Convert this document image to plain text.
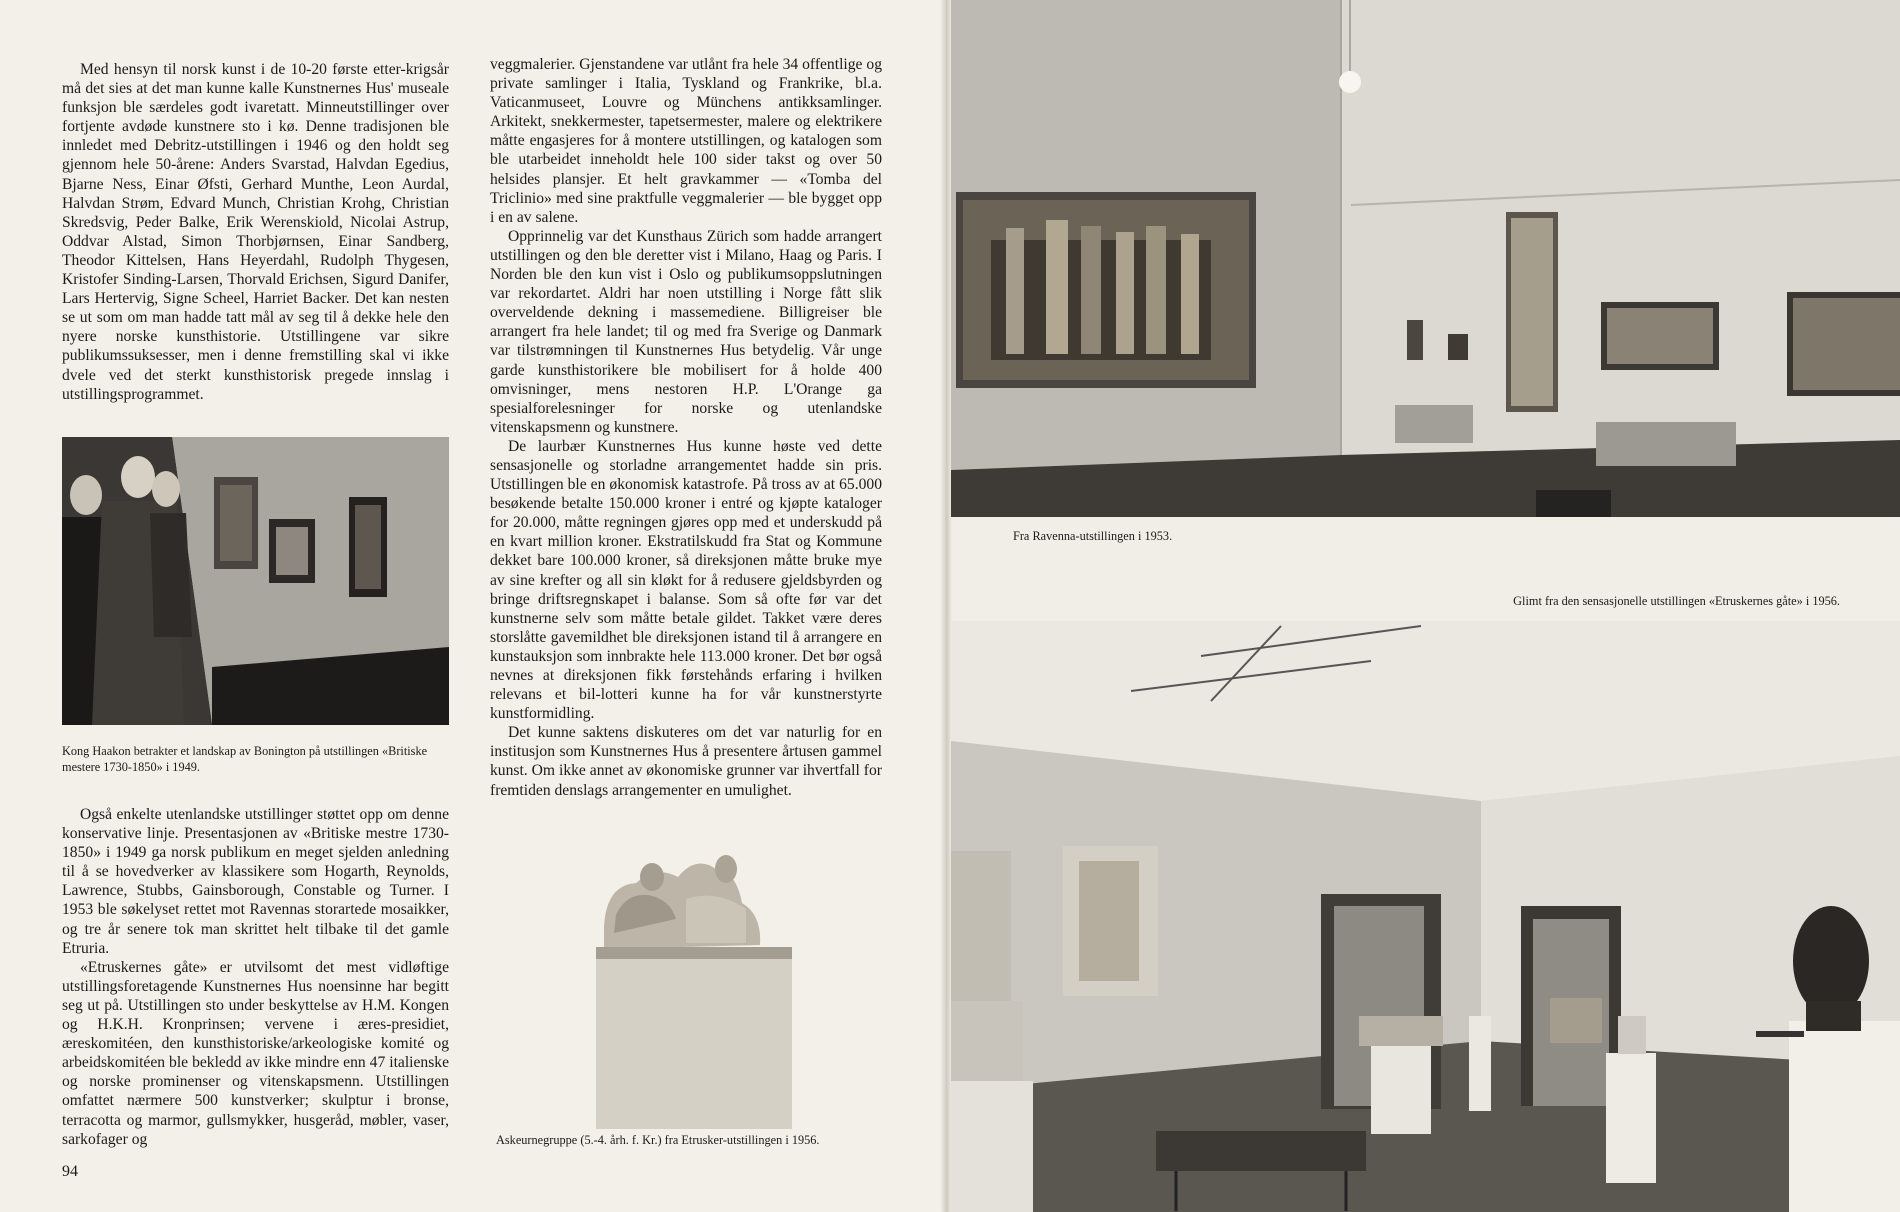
Med hensyn til norsk kunst i de 10-20 første etter-krigsår må det sies at det man kunne kalle Kunstnernes Hus' museale funksjon ble særdeles godt ivaretatt. Minneutstillinger over fortjente avdøde kunstnere sto i kø. Denne tradisjonen ble innledet med Debritz-utstillingen i 1946 og den holdt seg gjennom hele 50-årene: Anders Svarstad, Halvdan Egedius, Bjarne Ness, Einar Øfsti, Gerhard Munthe, Leon Aurdal, Halvdan Strøm, Edvard Munch, Christian Krohg, Christian Skredsvig, Peder Balke, Erik Werenskiold, Nicolai Astrup, Oddvar Alstad, Simon Thorbjørnsen, Einar Sandberg, Theodor Kittelsen, Hans Heyerdahl, Rudolph Thygesen, Kristofer Sinding-Larsen, Thorvald Erichsen, Sigurd Danifer, Lars Hertervig, Signe Scheel, Harriet Backer. Det kan nesten se ut som om man hadde tatt mål av seg til å dekke hele den nyere norske kunsthistorie. Utstillingene var sikre publikumssuksesser, men i denne fremstilling skal vi ikke dvele ved det sterkt kunsthistorisk pregede innslag i utstillingsprogrammet.

Kong Haakon betrakter et landskap av Bonington på utstillingen «Britiske mestere 1730-1850» i 1949.

Også enkelte utenlandske utstillinger støttet opp om denne konservative linje. Presentasjonen av «Britiske mestre 1730-1850» i 1949 ga norsk publikum en meget sjelden anledning til å se hovedverker av klassikere som Hogarth, Reynolds, Lawrence, Stubbs, Gainsborough, Constable og Turner. I 1953 ble søkelyset rettet mot Ravennas storartede mosaikker, og tre år senere tok man skrittet helt tilbake til det gamle Etruria.

«Etruskernes gåte» er utvilsomt det mest vidløftige utstillingsforetagende Kunstnernes Hus noensinne har begitt seg ut på. Utstillingen sto under beskyttelse av H.M. Kongen og H.K.H. Kronprinsen; vervene i æres-presidiet, æreskomitéen, den kunsthistoriske/arkeologiske komité og arbeidskomitéen ble bekledd av ikke mindre enn 47 italienske og norske prominenser og vitenskapsmenn. Utstillingen omfattet nærmere 500 kunstverker; skulptur i bronse, terracotta og marmor, gullsmykker, husgeråd, møbler, vaser, sarkofager og

veggmalerier. Gjenstandene var utlånt fra hele 34 offentlige og private samlinger i Italia, Tyskland og Frankrike, bl.a. Vaticanmuseet, Louvre og Münchens antikksamlinger. Arkitekt, snekkermester, tapetsermester, malere og elektrikere måtte engasjeres for å montere utstillingen, og katalogen som ble utarbeidet inneholdt hele 100 sider takst og over 50 helsides plansjer. Et helt gravkammer — «Tomba del Triclinio» med sine praktfulle veggmalerier — ble bygget opp i en av salene.

Opprinnelig var det Kunsthaus Zürich som hadde arrangert utstillingen og den ble deretter vist i Milano, Haag og Paris. I Norden ble den kun vist i Oslo og publikumsoppslutningen var rekordartet. Aldri har noen utstilling i Norge fått slik overveldende dekning i massemediene. Billigreiser ble arrangert fra hele landet; til og med fra Sverige og Danmark var tilstrømningen til Kunstnernes Hus betydelig. Vår unge garde kunsthistorikere ble mobilisert for å holde 400 omvisninger, mens nestoren H.P. L'Orange ga spesialforelesninger for norske og utenlandske vitenskapsmenn og kunstnere.

De laurbær Kunstnernes Hus kunne høste ved dette sensasjonelle og storladne arrangementet hadde sin pris. Utstillingen ble en økonomisk katastrofe. På tross av at 65.000 besøkende betalte 150.000 kroner i entré og kjøpte kataloger for 20.000, måtte regningen gjøres opp med et underskudd på en kvart million kroner. Ekstratilskudd fra Stat og Kommune dekket bare 100.000 kroner, så direksjonen måtte bruke mye av sine krefter og all sin kløkt for å redusere gjeldsbyrden og bringe driftsregnskapet i balanse. Som så ofte før var det kunstnerne selv som måtte betale gildet. Takket være deres storslåtte gavemildhet ble direksjonen istand til å arrangere en kunstauksjon som innbrakte hele 113.000 kroner. Det bør også nevnes at direksjonen fikk førstehånds erfaring i hvilken relevans et bil-lotteri kunne ha for vår kunstnerstyrte kunstformidling.

Det kunne saktens diskuteres om det var naturlig for en institusjon som Kunstnernes Hus å presentere årtusen gammel kunst. Om ikke annet av økonomiske grunner var ihvertfall for fremtiden denslags arrangementer en umulighet.

Askeurnegruppe (5.-4. årh. f. Kr.) fra Etrusker-utstillingen i 1956.
94
Fra Ravenna-utstillingen i 1953.
Glimt fra den sensasjonelle utstillingen «Etruskernes gåte» i 1956.
